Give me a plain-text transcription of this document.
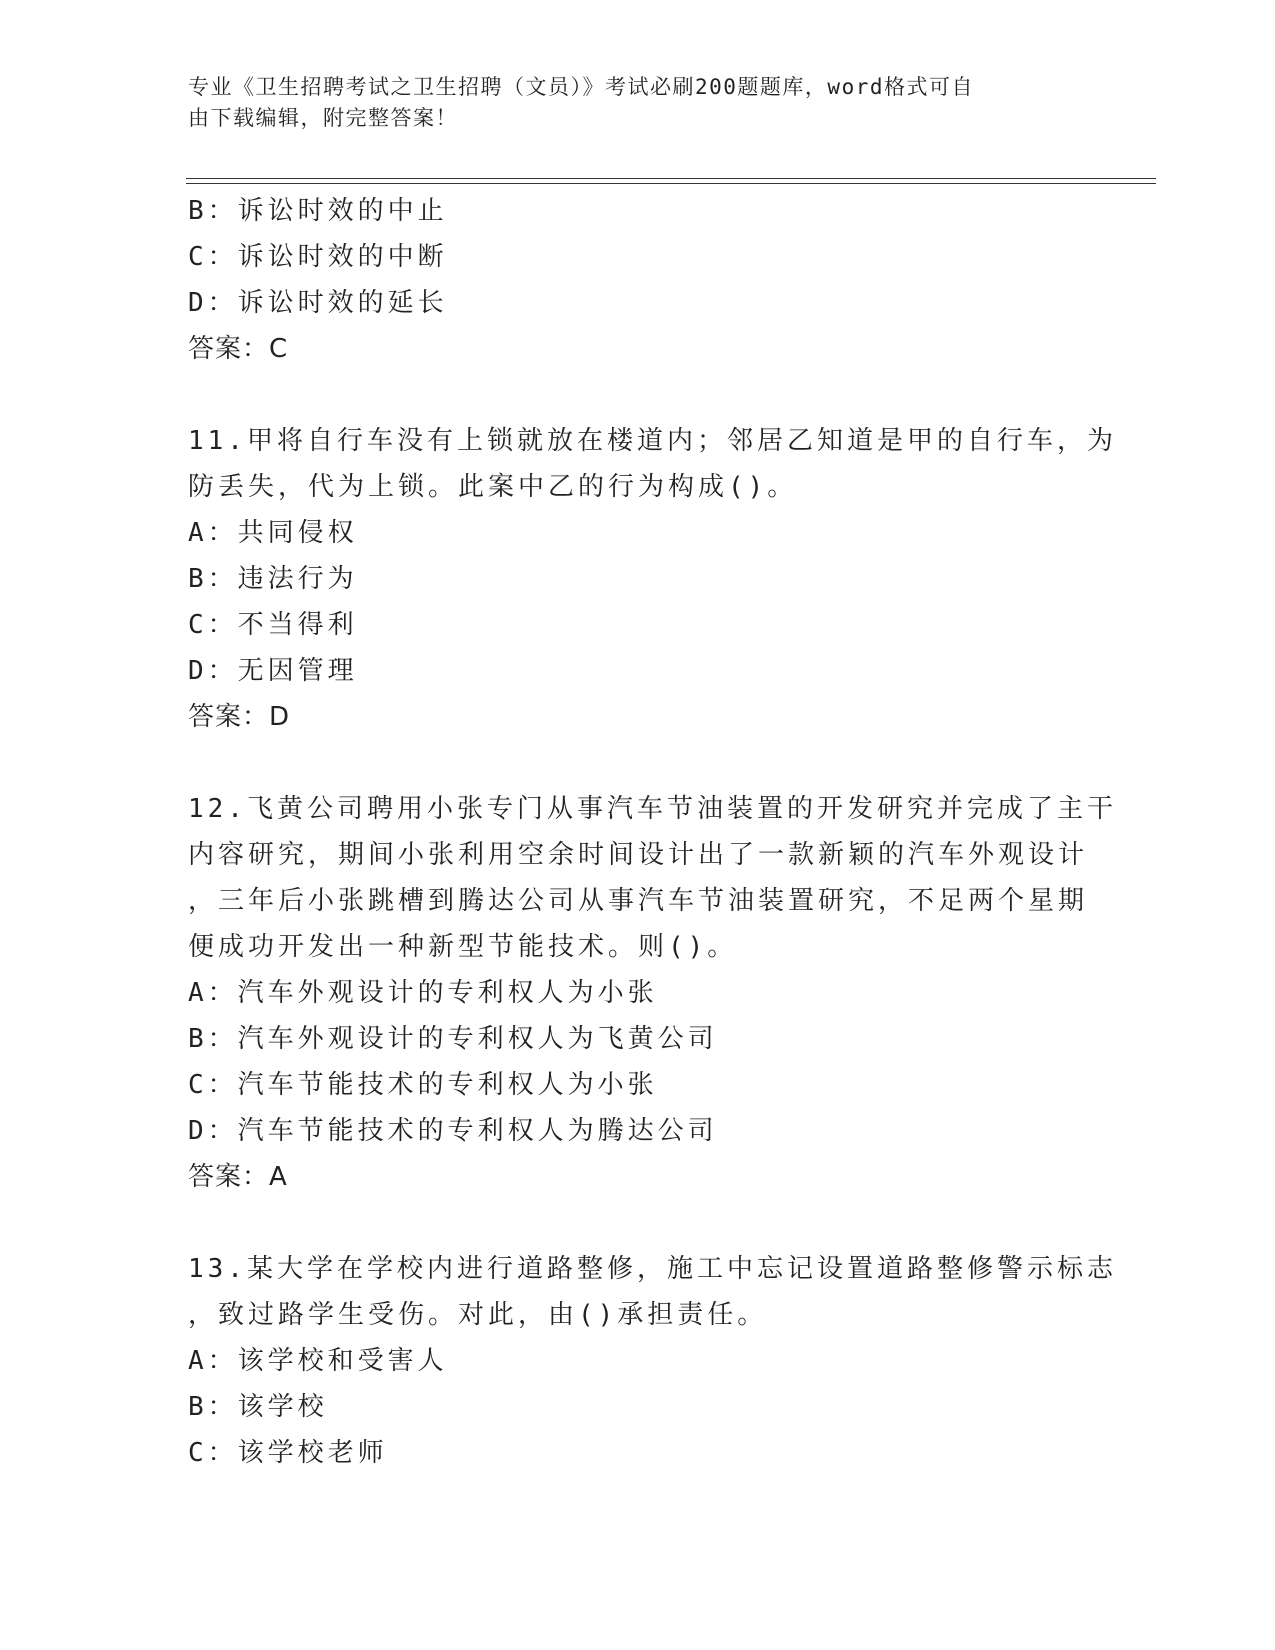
专业《卫生招聘考试之卫生招聘（文员）》考试必刷200题题库，word格式可自
由下载编辑，附完整答案！
B：诉讼时效的中止
C：诉讼时效的中断
D：诉讼时效的延长
答案：C
11.甲将自行车没有上锁就放在楼道内；邻居乙知道是甲的自行车，为
防丢失，代为上锁。此案中乙的行为构成()。
A：共同侵权
B：违法行为
C：不当得利
D：无因管理
答案：D
12.飞黄公司聘用小张专门从事汽车节油装置的开发研究并完成了主干
内容研究，期间小张利用空余时间设计出了一款新颖的汽车外观设计
，三年后小张跳槽到腾达公司从事汽车节油装置研究，不足两个星期
便成功开发出一种新型节能技术。则()。
A：汽车外观设计的专利权人为小张
B：汽车外观设计的专利权人为飞黄公司
C：汽车节能技术的专利权人为小张
D：汽车节能技术的专利权人为腾达公司
答案：A
13.某大学在学校内进行道路整修，施工中忘记设置道路整修警示标志
，致过路学生受伤。对此，由()承担责任。
A：该学校和受害人
B：该学校
C：该学校老师
